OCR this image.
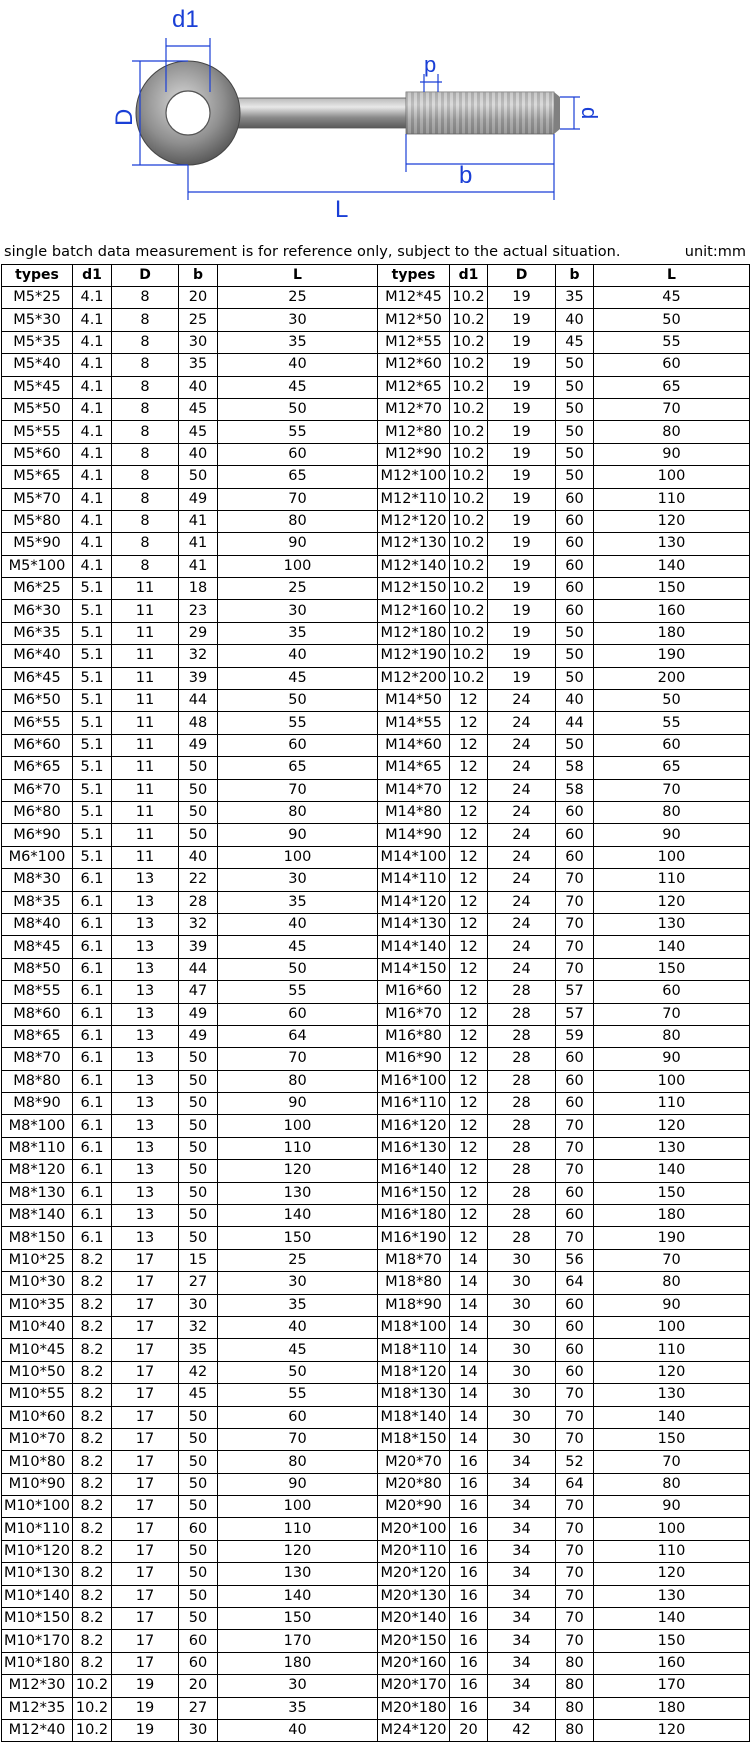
d1
p
D	d
b
L
single batch data measurement is for reference only, subject to the actual situation.	unit:mm
types	d1	D	b	L	types	d1	D	b	L
M5*25	4.1	8	20	25	M12*45	10.2	19	35	45
M5*30	4.1	8	25	30	M12*50	10.2	19	40	50
M5*35	4.1	8	30	35	M12*55	10.2	19	45	55
M5*40	4.1	8	35	40	M12*60	10.2	19	50	60
M5*45	4.1	8	40	45	M12*65	10.2	19	50	65
M5*50	4.1	8	45	50	M12*70	10.2	19	50	70
M5*55	4.1	8	45	55	M12*80	10.2	19	50	80
M5*60	4.1	8	40	60	M12*90	10.2	19	50	90
M5*65	4.1	8	50	65	M12*100	10.2	19	50	100
M5*70	4.1	8	49	70	M12*110	10.2	19	60	110
M5*80	4.1	8	41	80	M12*120	10.2	19	60	120
M5*90	4.1	8	41	90	M12*130	10.2	19	60	130
M5*100	4.1	8	41	100	M12*140	10.2	19	60	140
M6*25	5.1	11	18	25	M12*150	10.2	19	60	150
M6*30	5.1	11	23	30	M12*160	10.2	19	60	160
M6*35	5.1	11	29	35	M12*180	10.2	19	50	180
M6*40	5.1	11	32	40	M12*190	10.2	19	50	190
M6*45	5.1	11	39	45	M12*200	10.2	19	50	200
M6*50	5.1	11	44	50	M14*50	12	24	40	50
M6*55	5.1	11	48	55	M14*55	12	24	44	55
M6*60	5.1	11	49	60	M14*60	12	24	50	60
M6*65	5.1	11	50	65	M14*65	12	24	58	65
M6*70	5.1	11	50	70	M14*70	12	24	58	70
M6*80	5.1	11	50	80	M14*80	12	24	60	80
M6*90	5.1	11	50	90	M14*90	12	24	60	90
M6*100	5.1	11	40	100	M14*100	12	24	60	100
M8*30	6.1	13	22	30	M14*110	12	24	70	110
M8*35	6.1	13	28	35	M14*120	12	24	70	120
M8*40	6.1	13	32	40	M14*130	12	24	70	130
M8*45	6.1	13	39	45	M14*140	12	24	70	140
M8*50	6.1	13	44	50	M14*150	12	24	70	150
M8*55	6.1	13	47	55	M16*60	12	28	57	60
M8*60	6.1	13	49	60	M16*70	12	28	57	70
M8*65	6.1	13	49	64	M16*80	12	28	59	80
M8*70	6.1	13	50	70	M16*90	12	28	60	90
M8*80	6.1	13	50	80	M16*100	12	28	60	100
M8*90	6.1	13	50	90	M16*110	12	28	60	110
M8*100	6.1	13	50	100	M16*120	12	28	70	120
M8*110	6.1	13	50	110	M16*130	12	28	70	130
M8*120	6.1	13	50	120	M16*140	12	28	70	140
M8*130	6.1	13	50	130	M16*150	12	28	60	150
M8*140	6.1	13	50	140	M16*180	12	28	60	180
M8*150	6.1	13	50	150	M16*190	12	28	70	190
M10*25	8.2	17	15	25	M18*70	14	30	56	70
M10*30	8.2	17	27	30	M18*80	14	30	64	80
M10*35	8.2	17	30	35	M18*90	14	30	60	90
M10*40	8.2	17	32	40	M18*100	14	30	60	100
M10*45	8.2	17	35	45	M18*110	14	30	60	110
M10*50	8.2	17	42	50	M18*120	14	30	60	120
M10*55	8.2	17	45	55	M18*130	14	30	70	130
M10*60	8.2	17	50	60	M18*140	14	30	70	140
M10*70	8.2	17	50	70	M18*150	14	30	70	150
M10*80	8.2	17	50	80	M20*70	16	34	52	70
M10*90	8.2	17	50	90	M20*80	16	34	64	80
M10*100	8.2	17	50	100	M20*90	16	34	70	90
M10*110	8.2	17	60	110	M20*100	16	34	70	100
M10*120	8.2	17	50	120	M20*110	16	34	70	110
M10*130	8.2	17	50	130	M20*120	16	34	70	120
M10*140	8.2	17	50	140	M20*130	16	34	70	130
M10*150	8.2	17	50	150	M20*140	16	34	70	140
M10*170	8.2	17	60	170	M20*150	16	34	70	150
M10*180	8.2	17	60	180	M20*160	16	34	80	160
M12*30	10.2	19	20	30	M20*170	16	34	80	170
M12*35	10.2	19	27	35	M20*180	16	34	80	180
M12*40	10.2	19	30	40	M24*120	20	42	80	120
